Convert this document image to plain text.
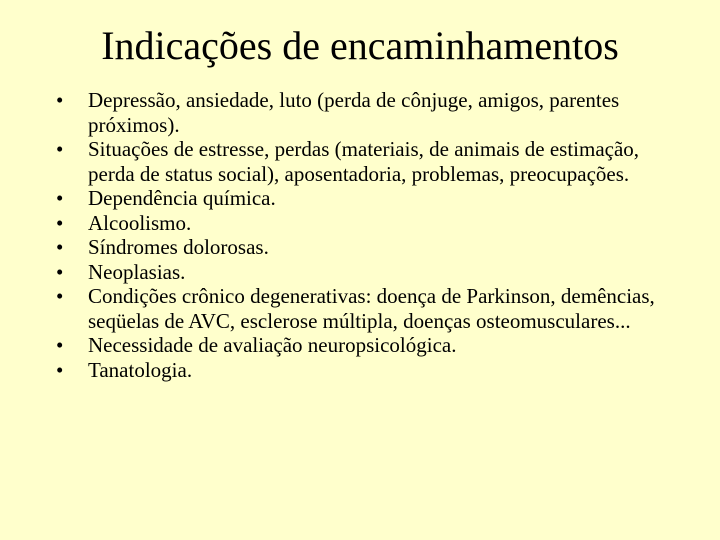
Indicações de encaminhamentos
•	Depressão, ansiedade, luto (perda de cônjuge, amigos, parentes próximos).
•	Situações de estresse, perdas (materiais, de animais de estimação, perda de status social), aposentadoria, problemas, preocupações.
•	Dependência química.
•	Alcoolismo.
•	Síndromes dolorosas.
•	Neoplasias.
•	Condições crônico degenerativas: doença de Parkinson, demências, seqüelas de AVC, esclerose múltipla, doenças osteomusculares...
•	Necessidade de avaliação neuropsicológica.
•	Tanatologia.
